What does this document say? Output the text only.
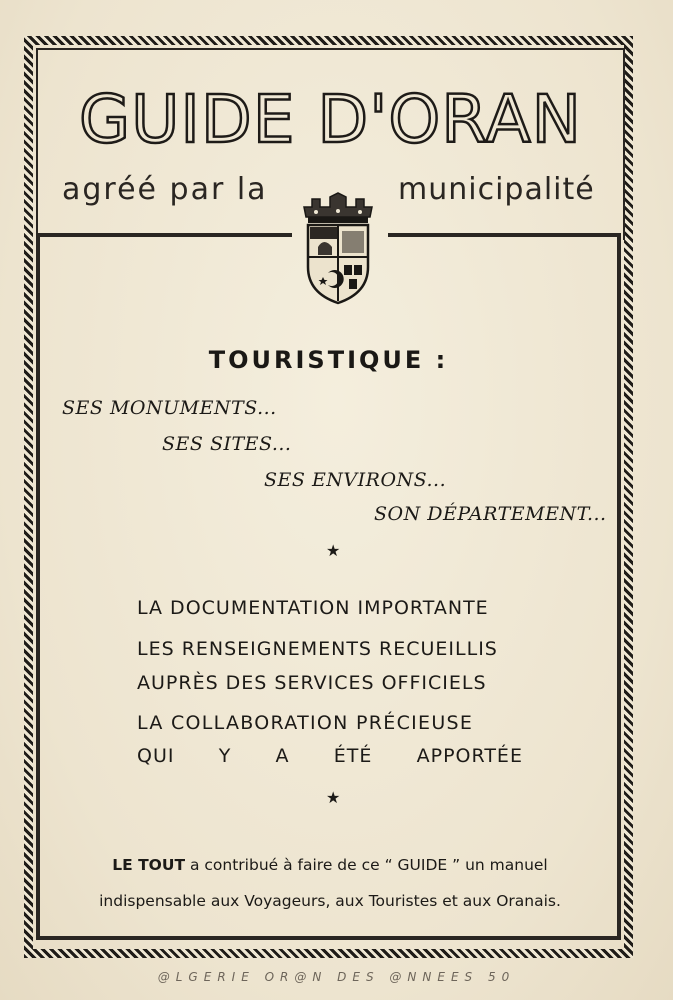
GUIDE D'ORAN
agréé par la	municipalité
TOURISTIQUE :
SES MONUMENTS...
SES SITES...
SES ENVIRONS...
SON DÉPARTEMENT...
★
LA DOCUMENTATION IMPORTANTE
LES RENSEIGNEMENTS RECUEILLIS
AUPRÈS DES SERVICES OFFICIELS
LA COLLABORATION PRÉCIEUSE
QUI Y A ÉTÉ APPORTÉE
★
LE TOUT a contribué à faire de ce “ GUIDE ” un manuel
indispensable aux Voyageurs, aux Touristes et aux Oranais.
@LGERIE OR@N DES @NNEES 50
